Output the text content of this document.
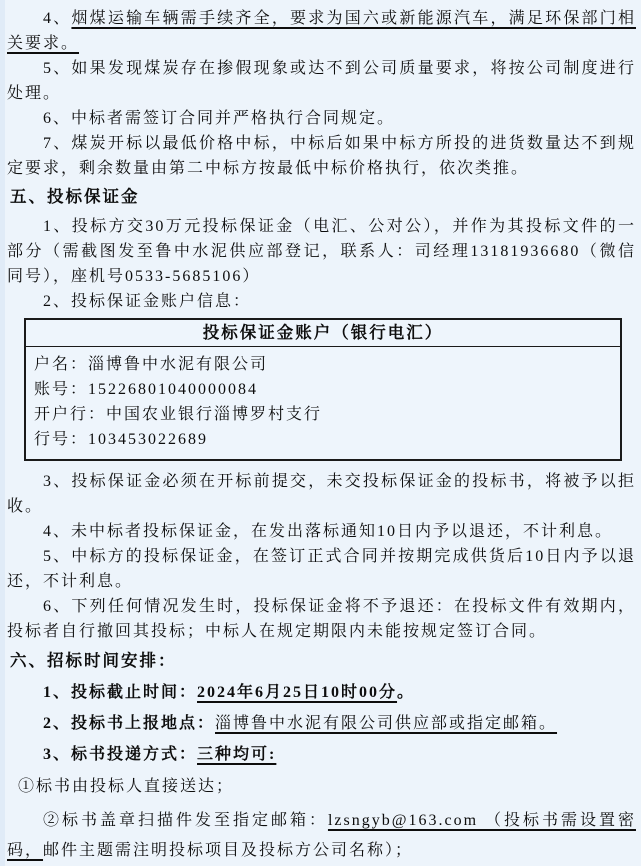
4、烟煤运输车辆需手续齐全，要求为国六或新能源汽车，满足环保部门相关要求。

5、如果发现煤炭存在掺假现象或达不到公司质量要求，将按公司制度进行处理。

6、中标者需签订合同并严格执行合同规定。

7、煤炭开标以最低价格中标，中标后如果中标方所投的进货数量达不到规定要求，剩余数量由第二中标方按最低中标价格执行，依次类推。

五、投标保证金

1、投标方交30万元投标保证金（电汇、公对公），并作为其投标文件的一部分（需截图发至鲁中水泥供应部登记，联系人：司经理13181936680（微信同号），座机号0533-5685106）

2、投标保证金账户信息：

投标保证金账户（银行电汇）
户名：淄博鲁中水泥有限公司
账号：15226801040000084
开户行：中国农业银行淄博罗村支行
行号：103453022689

3、投标保证金必须在开标前提交，未交投标保证金的投标书，将被予以拒收。

4、未中标者投标保证金，在发出落标通知10日内予以退还，不计利息。

5、中标方的投标保证金，在签订正式合同并按期完成供货后10日内予以退还，不计利息。

6、下列任何情况发生时，投标保证金将不予退还：在投标文件有效期内，投标者自行撤回其投标；中标人在规定期限内未能按规定签订合同。

六、招标时间安排：

1、投标截止时间：2024年6月25日10时00分。

2、投标书上报地点：淄博鲁中水泥有限公司供应部或指定邮箱。

3、标书投递方式：三种均可:

①标书由投标人直接送达；

②标书盖章扫描件发至指定邮箱：lzsngyb@163.com （投标书需设置密码，邮件主题需注明投标项目及投标方公司名称）；
